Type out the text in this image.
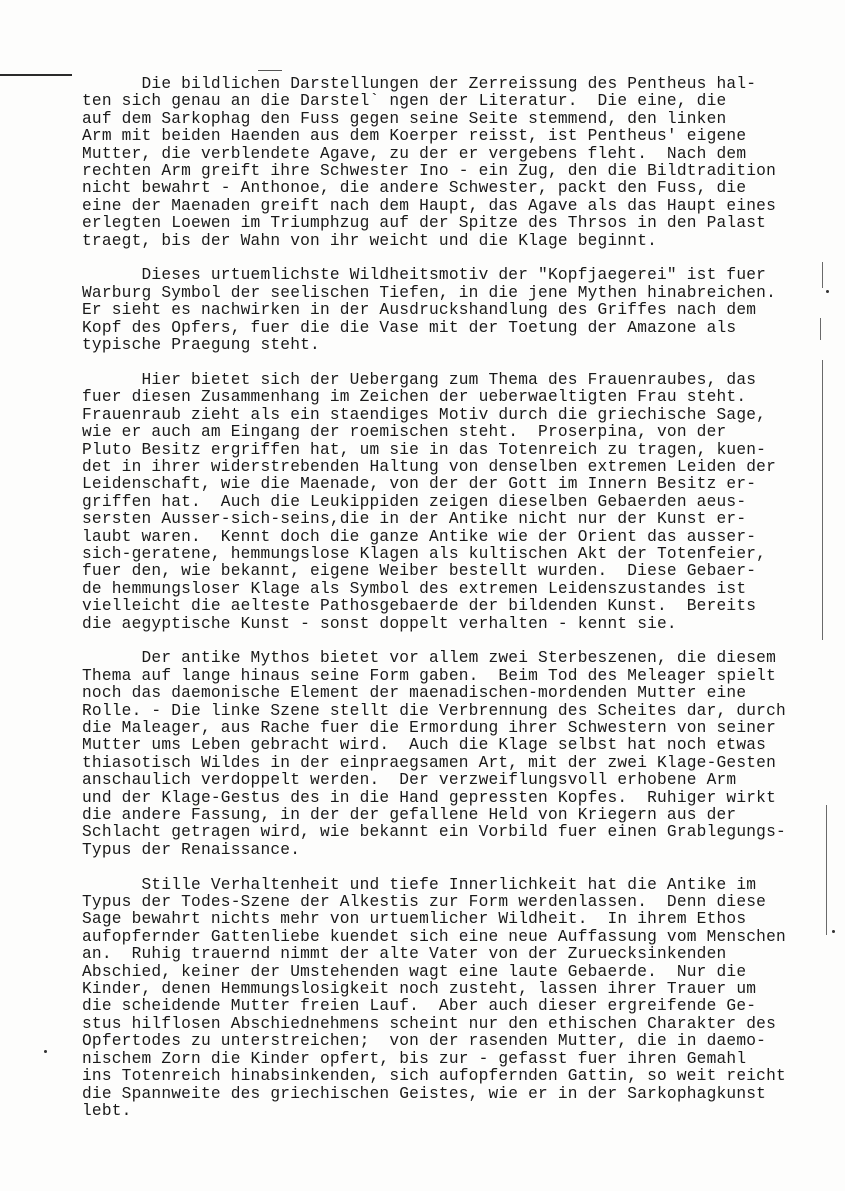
Die bildlichen Darstellungen der Zerreissung des Pentheus hal-
ten sich genau an die Darstel` ngen der Literatur.  Die eine, die
auf dem Sarkophag den Fuss gegen seine Seite stemmend, den linken
Arm mit beiden Haenden aus dem Koerper reisst, ist Pentheus' eigene
Mutter, die verblendete Agave, zu der er vergebens fleht.  Nach dem
rechten Arm greift ihre Schwester Ino - ein Zug, den die Bildtradition
nicht bewahrt - Anthonoe, die andere Schwester, packt den Fuss, die
eine der Maenaden greift nach dem Haupt, das Agave als das Haupt eines
erlegten Loewen im Triumphzug auf der Spitze des Thrsos in den Palast
traegt, bis der Wahn von ihr weicht und die Klage beginnt.
Dieses urtuemlichste Wildheitsmotiv der "Kopfjaegerei" ist fuer
Warburg Symbol der seelischen Tiefen, in die jene Mythen hinabreichen.
Er sieht es nachwirken in der Ausdruckshandlung des Griffes nach dem
Kopf des Opfers, fuer die die Vase mit der Toetung der Amazone als
typische Praegung steht.
Hier bietet sich der Uebergang zum Thema des Frauenraubes, das
fuer diesen Zusammenhang im Zeichen der ueberwaeltigten Frau steht.
Frauenraub zieht als ein staendiges Motiv durch die griechische Sage,
wie er auch am Eingang der roemischen steht.  Proserpina, von der
Pluto Besitz ergriffen hat, um sie in das Totenreich zu tragen, kuen-
det in ihrer widerstrebenden Haltung von denselben extremen Leiden der
Leidenschaft, wie die Maenade, von der der Gott im Innern Besitz er-
griffen hat.  Auch die Leukippiden zeigen dieselben Gebaerden aeus-
sersten Ausser-sich-seins,die in der Antike nicht nur der Kunst er-
laubt waren.  Kennt doch die ganze Antike wie der Orient das ausser-
sich-geratene, hemmungslose Klagen als kultischen Akt der Totenfeier,
fuer den, wie bekannt, eigene Weiber bestellt wurden.  Diese Gebaer-
de hemmungsloser Klage als Symbol des extremen Leidenszustandes ist
vielleicht die aelteste Pathosgebaerde der bildenden Kunst.  Bereits
die aegyptische Kunst - sonst doppelt verhalten - kennt sie.
Der antike Mythos bietet vor allem zwei Sterbeszenen, die diesem
Thema auf lange hinaus seine Form gaben.  Beim Tod des Meleager spielt
noch das daemonische Element der maenadischen-mordenden Mutter eine
Rolle. - Die linke Szene stellt die Verbrennung des Scheites dar, durch
die Maleager, aus Rache fuer die Ermordung ihrer Schwestern von seiner
Mutter ums Leben gebracht wird.  Auch die Klage selbst hat noch etwas
thiasotisch Wildes in der einpraegsamen Art, mit der zwei Klage-Gesten
anschaulich verdoppelt werden.  Der verzweiflungsvoll erhobene Arm
und der Klage-Gestus des in die Hand gepressten Kopfes.  Ruhiger wirkt
die andere Fassung, in der der gefallene Held von Kriegern aus der
Schlacht getragen wird, wie bekannt ein Vorbild fuer einen Grablegungs-
Typus der Renaissance.
Stille Verhaltenheit und tiefe Innerlichkeit hat die Antike im
Typus der Todes-Szene der Alkestis zur Form werdenlassen.  Denn diese
Sage bewahrt nichts mehr von urtuemlicher Wildheit.  In ihrem Ethos
aufopfernder Gattenliebe kuendet sich eine neue Auffassung vom Menschen
an.  Ruhig trauernd nimmt der alte Vater von der Zuruecksinkenden
Abschied, keiner der Umstehenden wagt eine laute Gebaerde.  Nur die
Kinder, denen Hemmungslosigkeit noch zusteht, lassen ihrer Trauer um
die scheidende Mutter freien Lauf.  Aber auch dieser ergreifende Ge-
stus hilflosen Abschiednehmens scheint nur den ethischen Charakter des
Opfertodes zu unterstreichen;  von der rasenden Mutter, die in daemo-
nischem Zorn die Kinder opfert, bis zur - gefasst fuer ihren Gemahl
ins Totenreich hinabsinkenden, sich aufopfernden Gattin, so weit reicht
die Spannweite des griechischen Geistes, wie er in der Sarkophagkunst
lebt.
